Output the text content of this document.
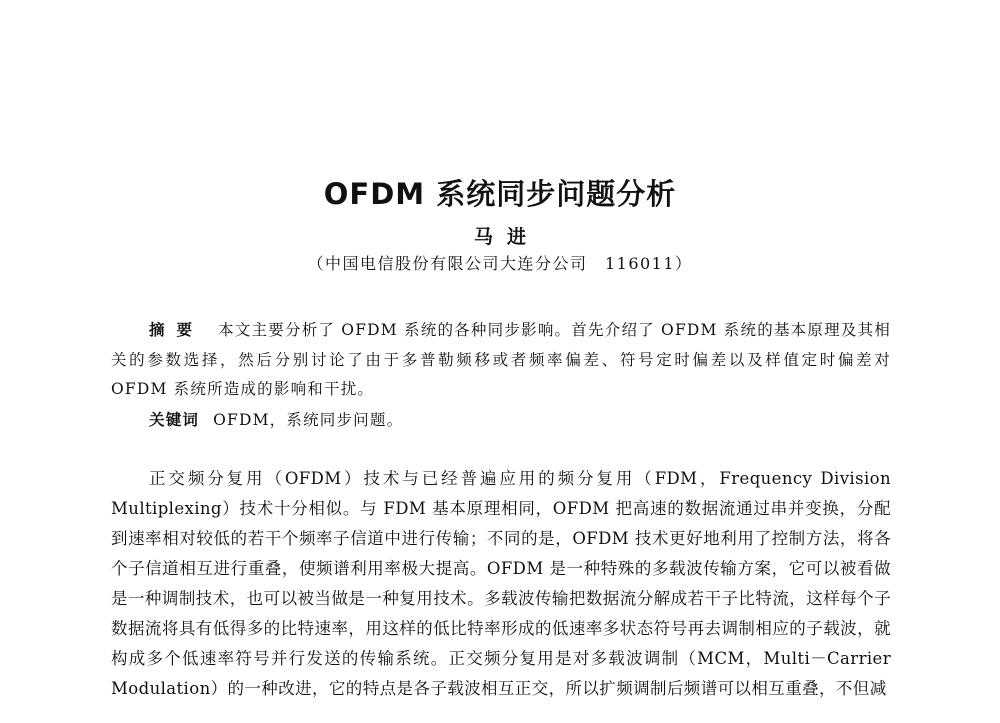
OFDM 系统同步问题分析
马进
（中国电信股份有限公司大连分公司　116011）

摘要 本文主要分析了 OFDM 系统的各种同步影响。首先介绍了 OFDM 系统的基本原理及其相关的参数选择，然后分别讨论了由于多普勒频移或者频率偏差、符号定时偏差以及样值定时偏差对 OFDM 系统所造成的影响和干扰。

关键词 OFDM，系统同步问题。

正交频分复用（OFDM）技术与已经普遍应用的频分复用（FDM，Frequency Division Multiplexing）技术十分相似。与 FDM 基本原理相同，OFDM 把高速的数据流通过串并变换，分配到速率相对较低的若干个频率子信道中进行传输；不同的是，OFDM 技术更好地利用了控制方法，将各个子信道相互进行重叠，使频谱利用率极大提高。OFDM 是一种特殊的多载波传输方案，它可以被看做是一种调制技术，也可以被当做是一种复用技术。多载波传输把数据流分解成若干子比特流，这样每个子数据流将具有低得多的比特速率，用这样的低比特率形成的低速率多状态符号再去调制相应的子载波，就构成多个低速率符号并行发送的传输系统。正交频分复用是对多载波调制（MCM，Multi－Carrier Modulation）的一种改进，它的特点是各子载波相互正交，所以扩频调制后频谱可以相互重叠，不但减
